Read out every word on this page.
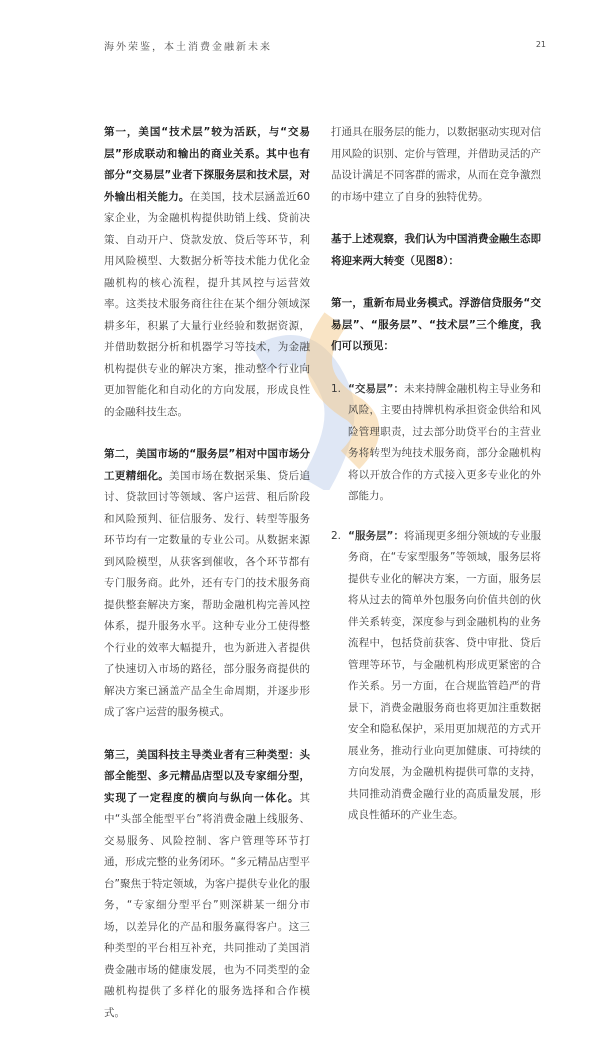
海外荣鉴，本土消费金融新未来	21

第一，美国“技术层”较为活跃，与“交易层”形成联动和输出的商业关系。其中也有部分“交易层”业者下探服务层和技术层，对外输出相关能力。在美国，技术层涵盖近60家企业，为金融机构提供助销上线、贷前决策、自动开户、贷款发放、贷后等环节，利用风险模型、大数据分析等技术能力优化金融机构的核心流程，提升其风控与运营效率。这类技术服务商往往在某个细分领域深耕多年，积累了大量行业经验和数据资源，并借助数据分析和机器学习等技术，为金融机构提供专业的解决方案，推动整个行业向更加智能化和自动化的方向发展，形成良性的金融科技生态。

第二，美国市场的“服务层”相对中国市场分工更精细化。美国市场在数据采集、贷后追讨、贷款回讨等领域、客户运营、租后阶段和风险预判、征信服务、发行、转型等服务环节均有一定数量的专业公司。从数据来源到风险模型，从获客到催收，各个环节都有专门服务商。此外，还有专门的技术服务商提供整套解决方案，帮助金融机构完善风控体系，提升服务水平。这种专业分工使得整个行业的效率大幅提升，也为新进入者提供了快速切入市场的路径，部分服务商提供的解决方案已涵盖产品全生命周期，并逐步形成了客户运营的服务模式。

第三，美国科技主导类业者有三种类型：头部全能型、多元精品店型以及专家细分型，实现了一定程度的横向与纵向一体化。其中“头部全能型平台”将消费金融上线服务、交易服务、风险控制、客户管理等环节打通，形成完整的业务闭环。“多元精品店型平台”聚焦于特定领域，为客户提供专业化的服务，“专家细分型平台”则深耕某一细分市场，以差异化的产品和服务赢得客户。这三种类型的平台相互补充，共同推动了美国消费金融市场的健康发展，也为不同类型的金融机构提供了多样化的服务选择和合作模式。

打通具在服务层的能力，以数据驱动实现对信用风险的识别、定价与管理，并借助灵活的产品设计满足不同客群的需求，从而在竞争激烈的市场中建立了自身的独特优势。

基于上述观察，我们认为中国消费金融生态即将迎来两大转变（见图8）：

第一，重新布局业务模式。浮游信贷服务“交易层”、“服务层”、“技术层”三个维度，我们可以预见：

1. “交易层”：未来持牌金融机构主导业务和风险，主要由持牌机构承担资金供给和风险管理职责，过去部分助贷平台的主营业务将转型为纯技术服务商，部分金融机构将以开放合作的方式接入更多专业化的外部能力。
2. “服务层”：将涌现更多细分领域的专业服务商，在“专家型服务”等领域，服务层将提供专业化的解决方案，一方面，服务层将从过去的简单外包服务向价值共创的伙伴关系转变，深度参与到金融机构的业务流程中，包括贷前获客、贷中审批、贷后管理等环节，与金融机构形成更紧密的合作关系。另一方面，在合规监管趋严的背景下，消费金融服务商也将更加注重数据安全和隐私保护，采用更加规范的方式开展业务，推动行业向更加健康、可持续的方向发展，为金融机构提供可靠的支持，共同推动消费金融行业的高质量发展，形成良性循环的产业生态。
